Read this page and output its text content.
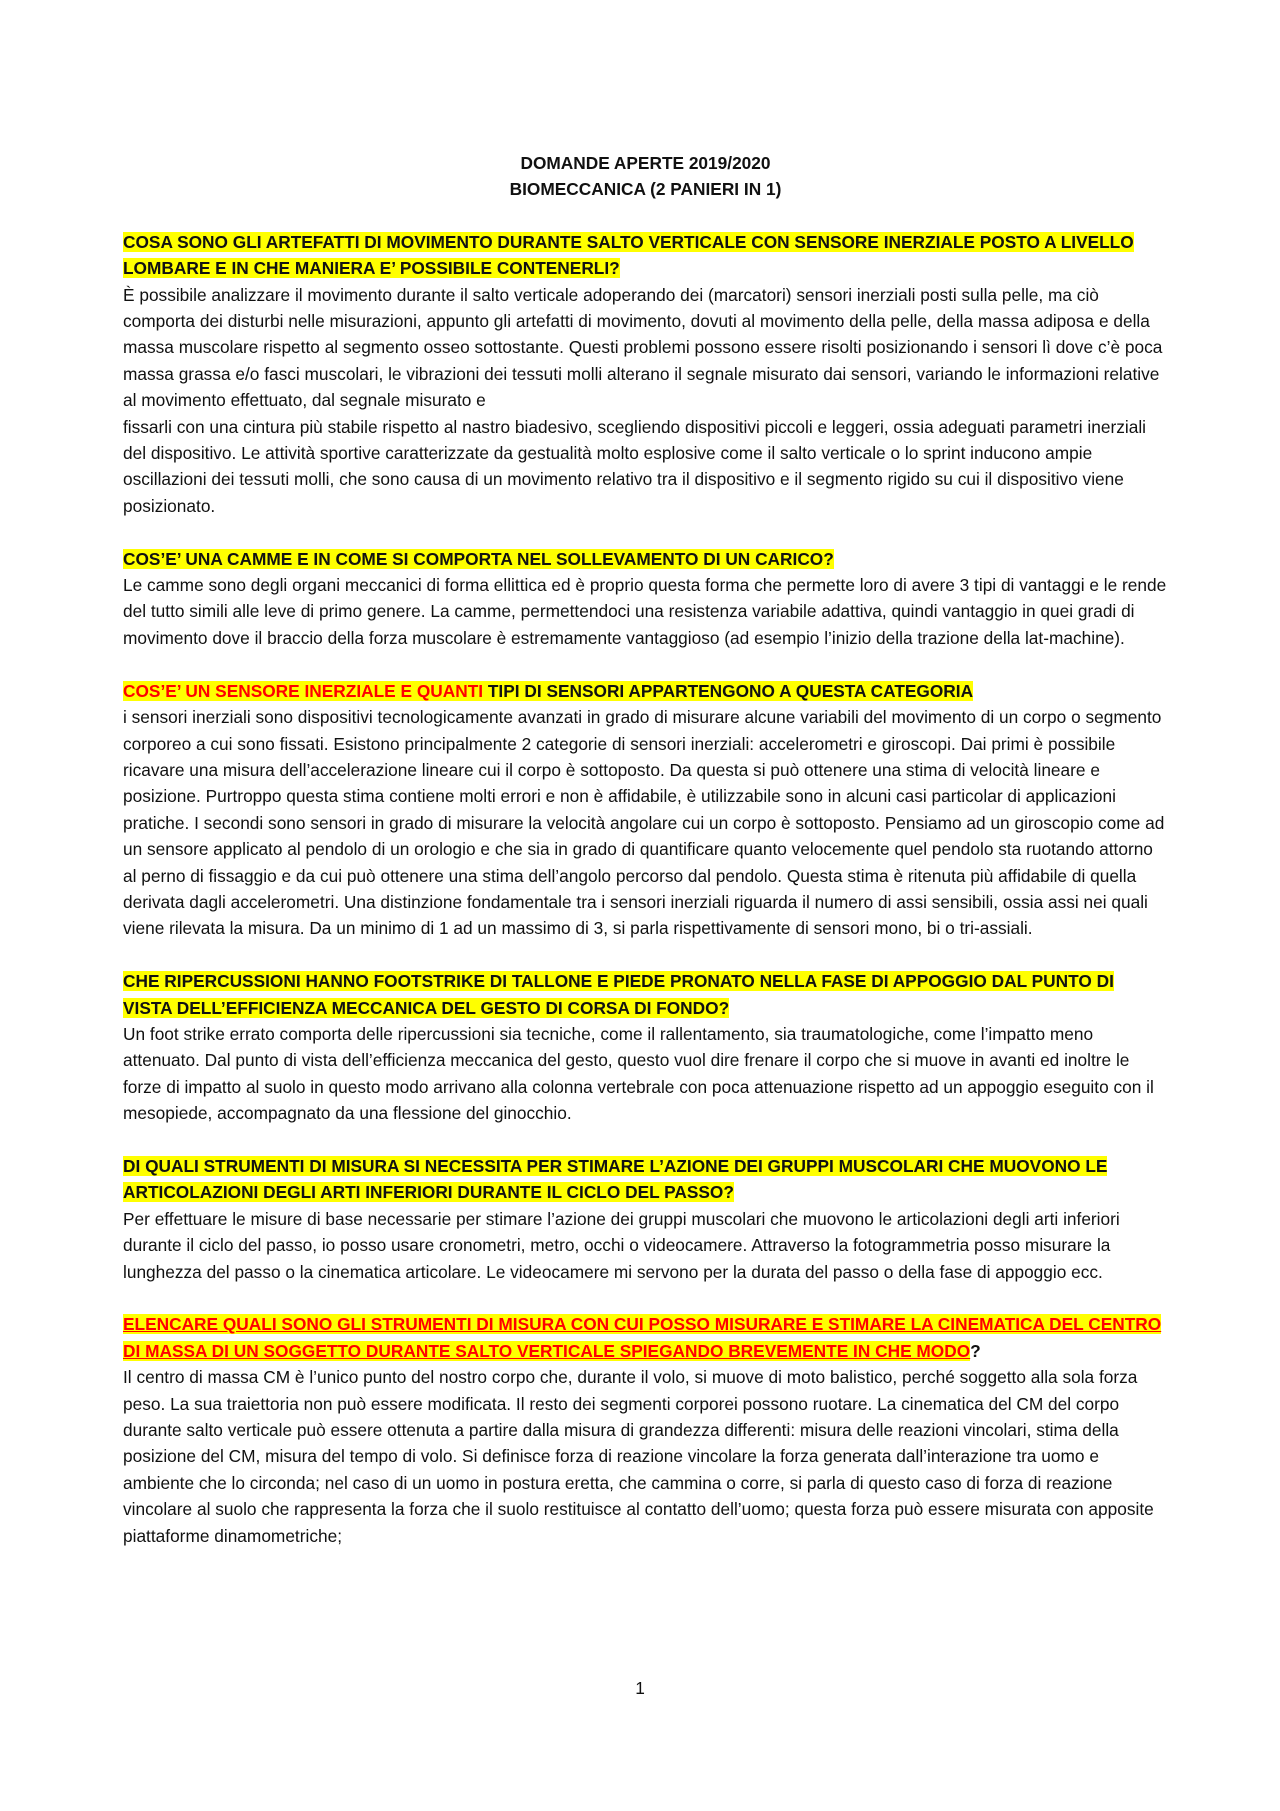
DOMANDE APERTE 2019/2020

BIOMECCANICA (2 PANIERI IN 1)

COSA SONO GLI ARTEFATTI DI MOVIMENTO DURANTE SALTO VERTICALE CON SENSORE INERZIALE POSTO A LIVELLO LOMBARE E IN CHE MANIERA E’ POSSIBILE CONTENERLI?

È possibile analizzare il movimento durante il salto verticale adoperando dei (marcatori) sensori inerziali posti sulla pelle, ma ciò comporta dei disturbi nelle misurazioni, appunto gli artefatti di movimento, dovuti al movimento della pelle, della massa adiposa e della massa muscolare rispetto al segmento osseo sottostante. Questi problemi possono essere risolti posizionando i sensori lì dove c’è poca massa grassa e/o fasci muscolari, le vibrazioni dei tessuti molli alterano il segnale misurato dai sensori, variando le informazioni relative al movimento effettuato, dal segnale misurato e

fissarli con una cintura più stabile rispetto al nastro biadesivo, scegliendo dispositivi piccoli e leggeri, ossia adeguati parametri inerziali del dispositivo. Le attività sportive caratterizzate da gestualità molto esplosive come il salto verticale o lo sprint inducono ampie oscillazioni dei tessuti molli, che sono causa di un movimento relativo tra il dispositivo e il segmento rigido su cui il dispositivo viene posizionato.

COS’E’ UNA CAMME E IN COME SI COMPORTA NEL SOLLEVAMENTO DI UN CARICO?

Le camme sono degli organi meccanici di forma ellittica ed è proprio questa forma che permette loro di avere 3 tipi di vantaggi e le rende del tutto simili alle leve di primo genere. La camme, permettendoci una resistenza variabile adattiva, quindi vantaggio in quei gradi di movimento dove il braccio della forza muscolare è estremamente vantaggioso (ad esempio l’inizio della trazione della lat-machine).

COS’E’ UN SENSORE INERZIALE E QUANTI TIPI DI SENSORI APPARTENGONO A QUESTA CATEGORIA

i sensori inerziali sono dispositivi tecnologicamente avanzati in grado di misurare alcune variabili del movimento di un corpo o segmento corporeo a cui sono fissati. Esistono principalmente 2 categorie di sensori inerziali: accelerometri e giroscopi. Dai primi è possibile ricavare una misura dell’accelerazione lineare cui il corpo è sottoposto. Da questa si può ottenere una stima di velocità lineare e posizione. Purtroppo questa stima contiene molti errori e non è affidabile, è utilizzabile sono in alcuni casi particolar di applicazioni pratiche. I secondi sono sensori in grado di misurare la velocità angolare cui un corpo è sottoposto. Pensiamo ad un giroscopio come ad un sensore applicato al pendolo di un orologio e che sia in grado di quantificare quanto velocemente quel pendolo sta ruotando attorno al perno di fissaggio e da cui può ottenere una stima dell’angolo percorso dal pendolo. Questa stima è ritenuta più affidabile di quella derivata dagli accelerometri. Una distinzione fondamentale tra i sensori inerziali riguarda il numero di assi sensibili, ossia assi nei quali viene rilevata la misura. Da un minimo di 1 ad un massimo di 3, si parla rispettivamente di sensori mono, bi o tri-assiali.

CHE RIPERCUSSIONI HANNO FOOTSTRIKE DI TALLONE E PIEDE PRONATO NELLA FASE DI APPOGGIO DAL PUNTO DI VISTA DELL’EFFICIENZA MECCANICA DEL GESTO DI CORSA DI FONDO?

Un foot strike errato comporta delle ripercussioni sia tecniche, come il rallentamento, sia traumatologiche, come l’impatto meno attenuato. Dal punto di vista dell’efficienza meccanica del gesto, questo vuol dire frenare il corpo che si muove in avanti ed inoltre le forze di impatto al suolo in questo modo arrivano alla colonna vertebrale con poca attenuazione rispetto ad un appoggio eseguito con il mesopiede, accompagnato da una flessione del ginocchio.

DI QUALI STRUMENTI DI MISURA SI NECESSITA PER STIMARE L’AZIONE DEI GRUPPI MUSCOLARI CHE MUOVONO LE ARTICOLAZIONI DEGLI ARTI INFERIORI DURANTE IL CICLO DEL PASSO?

Per effettuare le misure di base necessarie per stimare l’azione dei gruppi muscolari che muovono le articolazioni degli arti inferiori durante il ciclo del passo, io posso usare cronometri, metro, occhi o videocamere. Attraverso la fotogrammetria posso misurare la lunghezza del passo o la cinematica articolare. Le videocamere mi servono per la durata del passo o della fase di appoggio ecc.

ELENCARE QUALI SONO GLI STRUMENTI DI MISURA CON CUI POSSO MISURARE E STIMARE LA CINEMATICA DEL CENTRO DI MASSA DI UN SOGGETTO DURANTE SALTO VERTICALE SPIEGANDO BREVEMENTE IN CHE MODO?

Il centro di massa CM è l’unico punto del nostro corpo che, durante il volo, si muove di moto balistico, perché soggetto alla sola forza peso. La sua traiettoria non può essere modificata. Il resto dei segmenti corporei possono ruotare. La cinematica del CM del corpo durante salto verticale può essere ottenuta a partire dalla misura di grandezza differenti: misura delle reazioni vincolari, stima della posizione del CM, misura del tempo di volo. Si definisce forza di reazione vincolare la forza generata dall’interazione tra uomo e ambiente che lo circonda; nel caso di un uomo in postura eretta, che cammina o corre, si parla di questo caso di forza di reazione vincolare al suolo che rappresenta la forza che il suolo restituisce al contatto dell’uomo; questa forza può essere misurata con apposite piattaforme dinamometriche;

1
